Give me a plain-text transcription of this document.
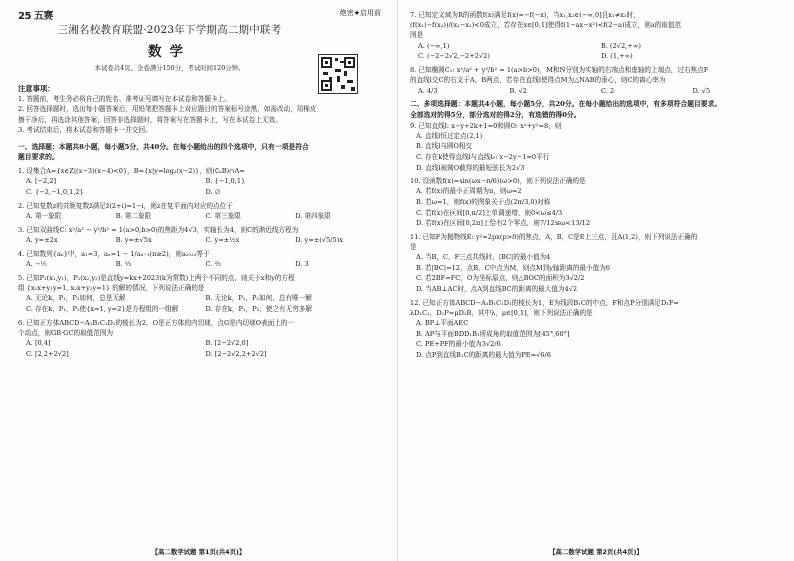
25 五赛	绝密★启用前
三湘名校教育联盟·2023年下学期高二期中联考
数学
本试卷共4页。全卷满分150分，考试时间120分钟。
注意事项：
1. 答题前，考生务必将自己的姓名、准考证号填写在本试卷和答题卡上。
2. 回答选择题时，选出每小题答案后，用铅笔把答题卡上对应题目的答案标号涂黑，如需改动，用橡皮
擦干净后，再选涂其他答案；回答非选择题时，将答案写在答题卡上，写在本试卷上无效。
3. 考试结束后，将本试卷和答题卡一并交回。
一、选择题：本题共8小题，每小题5分，共40分。在每小题给出的四个选项中，只有一项是符合
题目要求的。
1. 设集合A={x∈Z|(x−3)(x−4)<0}，B={x|y=log₂(x−2)}，则(∁ₐB)∩A=
A. [−2,2]	B. {−1,0,1}
C. {−2,−1,0,1,2}	D. ∅
2. 已知复数z的共轭复数z̄满足z̄(2+i)=1−i，则z在复平面内对应的点位于
A. 第一象限	B. 第二象限	C. 第三象限	D. 第四象限
3. 已知双曲线C: x²/a² − y²/b² = 1(a>0,b>0)的焦距为4√3，实轴长为4，则C的渐近线方程为
A. y=±2x	B. y=±√5x	C. y=±½x	D. y=±(√5/5)x
4. 已知数列{aₙ}中，a₁=3，aₙ=1 − 1/aₙ₋₁(n≥2)，则a₂₀₂₃等于
A. −½	B. ⅓	C. ⅔	D. 3
5. 已知P₁(x₁,y₁)，P₂(x₂,y₂)是直线y=kx+2023(k为常数)上两个不同的点，则关于x和y的方程
组 {x₁x+y₁y=1, x₂x+y₂y=1} 的解的情况，下列说法正确的是
A. 无论k，P₁，P₂如何，总是无解	B. 无论k，P₁，P₂如何，总有唯一解
C. 存在k，P₁，P₂使{x=1, y=2}是方程组的一组解	D. 存在k，P₁，P₂，使之有无穷多解
6. 已知正方体ABCD−A₁B₁C₁D₁的棱长为2，O是正方体的内切球，点G是内切球O表面上的一
个动点，则GB·GC的取值范围为
A. [0,4]	B. [2−2√2,0]
C. [2,2+2√2]	D. [2−2√2,2+2√2]
【高二数学试题 第1页(共4页)】
7. 已知定义域为R的函数f(x)满足f(x)=−f(−x)，当x₁,x₂∈(−∞,0]且x₁≠x₂时，
(f(x₁)−f(x₂))/(x₁−x₂)<0成立，若存在x∈[0,1]使得f(1−ax−x²)<f(2−a)成立，则a的取值范
围是
A. (−∞,1)	B. (2√2,+∞)
C. (−2−2√2,−2+2√2)	D. (1,+∞)
8. 已知椭圆C₁: x²/a² + y²/b² = 1(a>b>0)，M和N分别为实轴的右端点和虚轴的上端点，过右焦点F
的直线l交C的右支于A，B两点，若存在直线l使得点M为△NAB的垂心，则C的离心率为
A. 4/3	B. √2	C. 2	D. √5
二、多项选择题：本题共4小题，每小题5分，共20分。在每小题给出的选项中，有多项符合题目要求。
全部选对的得5分，部分选对的得2分，有选错的得0分。
9. 已知直线l: x−y+2k+1=0和圆O: x²+y²=8，则
A. 直线l恒过定点(2,1)
B. 直线l与圆O相交
C. 存在k使得直线l与直线l₀: x−2y−1=0平行
D. 直线l被圆O截得的最短弦长为2√3
10. 设函数f(x)=sin(ωx−π/6)(ω>0)，则下列说法正确的是
A. 若f(x)的最小正周期为π，则ω=2
B. 若ω=1，则f(x)的图象关于点(2π/3,0)对称
C. 若f(x)在区间[0,π/2]上单调递增，则0<ω≤4/3
D. 若f(x)在区间[0,2π]上恰有2个零点，则7/12≤ω<13/12
11. 已知F为抛物线E: y²=2px(p>0)的焦点，A，B，C是E上三点，且A(1,2)，则下列说法正确的
是
A. 当B，C，F三点共线时，|BC|的最小值为4
B. 若|BC|=12，点B，C中点为M，则点M到y轴距离的最小值为6
C. 若2BF=FC，O为坐标原点，则△BOC的面积为3√2/2
D. 当AB⊥AC时，点A到直线BC的距离的最大值为4√2
12. 已知正方体ABCD−A₁B₁C₁D₁的棱长为1，E为线段B₁C的中点，F和点P分别满足D₁F=
λD₁C₁，D₁P=μD₁B，其中λ，μ∈[0,1]，则下列说法正确的是
A. BP⊥平面AEC
B. AP与平面BDD₁B₁所成角的取值范围为[45°,60°]
C. PE+PF的最小值为3√2/6
D. 点P到直线B₁C的距离的最大值为PE=√6/6
【高二数学试题 第2页(共4页)】
